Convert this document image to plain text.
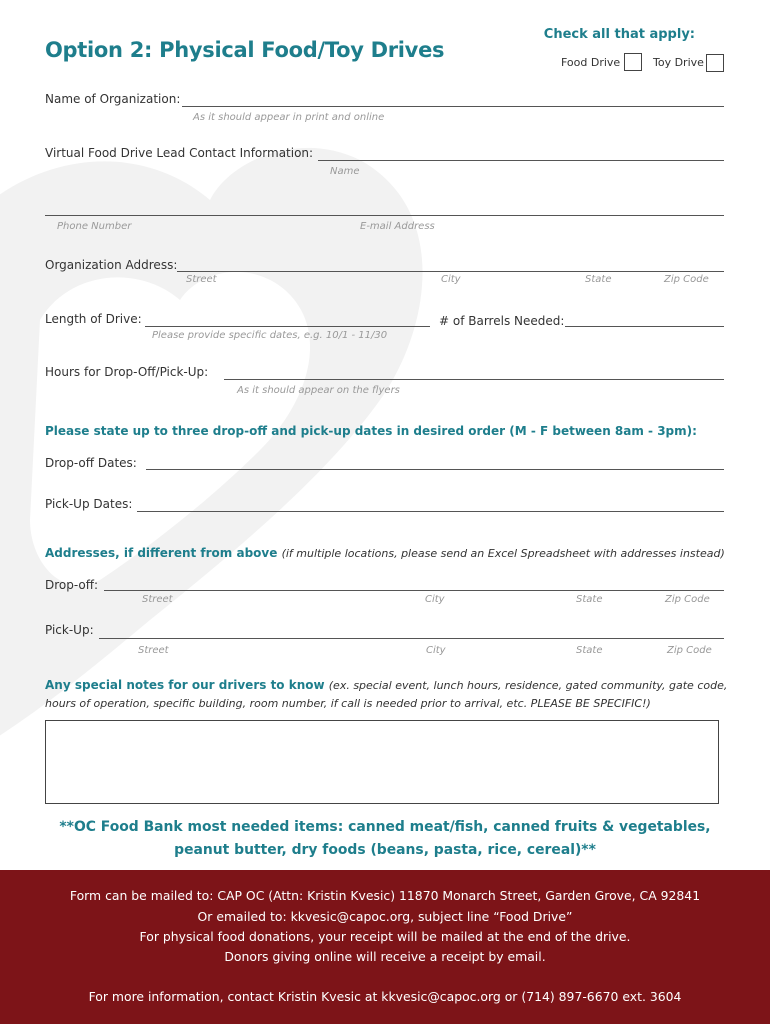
Option 2: Physical Food/Toy Drives
Check all that apply:
Food Drive	Toy Drive
Name of Organization:
As it should appear in print and online
Virtual Food Drive Lead Contact Information:
Name
Phone Number	E-mail Address
Organization Address:
Street	City	State	Zip Code
Length of Drive:
Please provide specific dates, e.g. 10/1 - 11/30
# of Barrels Needed:
Hours for Drop-Off/Pick-Up:
As it should appear on the flyers
Please state up to three drop-off and pick-up dates in desired order (M - F between 8am - 3pm):
Drop-off Dates:
Pick-Up Dates:
Addresses, if different from above (if multiple locations, please send an Excel Spreadsheet with addresses instead)
Drop-off:
Street	City	State	Zip Code
Pick-Up:
Street	City	State	Zip Code
Any special notes for our drivers to know (ex. special event, lunch hours, residence, gated community, gate code,
hours of operation, specific building, room number, if call is needed prior to arrival, etc. PLEASE BE SPECIFIC!)
**OC Food Bank most needed items: canned meat/fish, canned fruits & vegetables,
peanut butter, dry foods (beans, pasta, rice, cereal)**
Form can be mailed to: CAP OC (Attn: Kristin Kvesic) 11870 Monarch Street, Garden Grove, CA 92841
Or emailed to: kkvesic@capoc.org, subject line “Food Drive”
For physical food donations, your receipt will be mailed at the end of the drive.
Donors giving online will receive a receipt by email.
For more information, contact Kristin Kvesic at kkvesic@capoc.org or (714) 897-6670 ext. 3604
